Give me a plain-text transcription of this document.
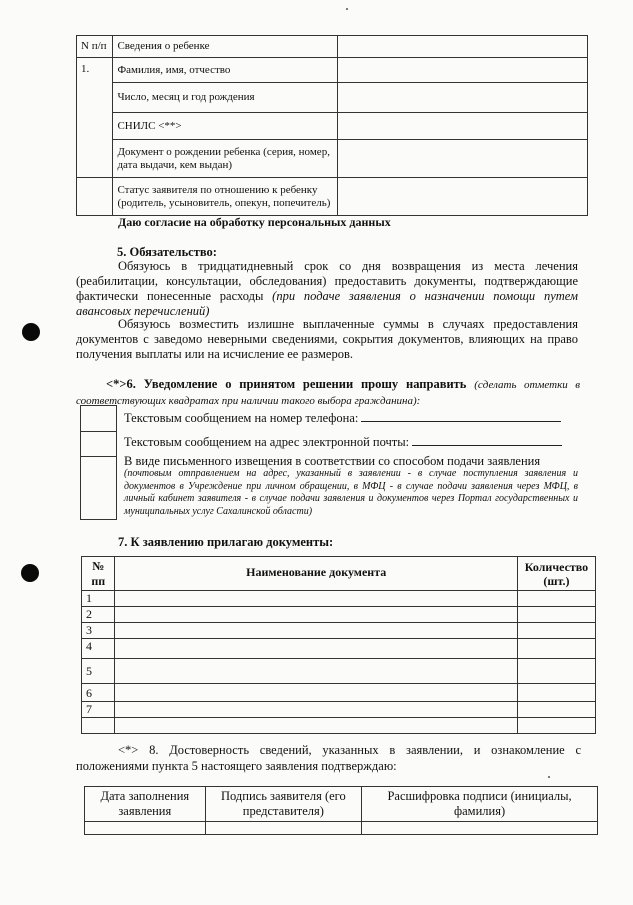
N п/п	Сведения о ребенке	
1.	Фамилия, имя, отчество	
	Число, месяц и год рождения	
	СНИЛС <**>	
	Документ о рождении ребенка (серия, номер, дата выдачи, кем выдан)	
	Статус заявителя по отношению к ребенку (родитель, усыновитель, опекун, попечитель)	
Даю согласие на обработку персональных данных
5. Обязательство:
Обязуюсь в тридцатидневный срок со дня возвращения из места лечения (реабилитации, консультации, обследования) предоставить документы, подтверждающие фактически понесенные расходы (при подаче заявления о назначении помощи путем авансовых перечислений)
Обязуюсь возместить излишне выплаченные суммы в случаях предоставления документов с заведомо неверными сведениями, сокрытия документов, влияющих на право получения выплаты или на исчисление ее размеров.
<*>6. Уведомление о принятом решении прошу направить (сделать отметки в соответствующих квадратах при наличии такого выбора гражданина):
Текстовым сообщением на номер телефона:
Текстовым сообщением на адрес электронной почты:
В виде письменного извещения в соответствии со способом подачи заявления
(почтовым отправлением на адрес, указанный в заявлении - в случае поступления заявления и документов в Учреждение при личном обращении, в МФЦ - в случае подачи заявления через МФЦ, в личный кабинет заявителя - в случае подачи заявления и документов через Портал государственных и муниципальных услуг Сахалинской области)
7. К заявлению прилагаю документы:
№ пп	Наименование документа	Количество (шт.)
1		
2		
3		
4		
5		
6		
7		

<*> 8. Достоверность сведений, указанных в заявлении, и ознакомление с положениями пункта 5 настоящего заявления подтверждаю:
Дата заполнения заявления	Подпись заявителя (его представителя)	Расшифровка подписи (инициалы, фамилия)
